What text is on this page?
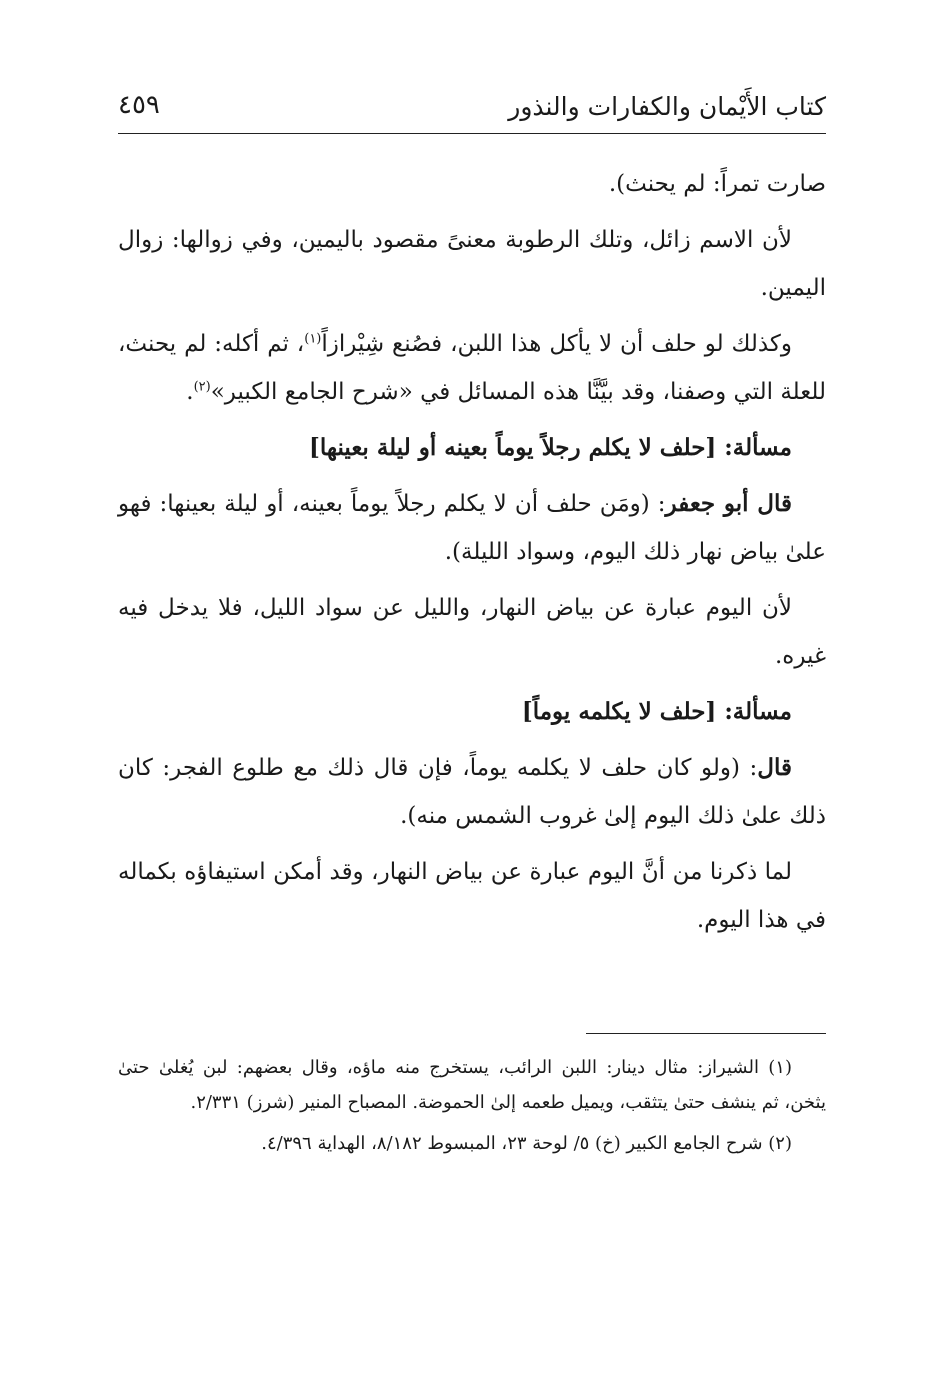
كتاب الأَيْمان والكفارات والنذور
٤٥٩

صارت تمراً: لم يحنث).

لأن الاسم زائل، وتلك الرطوبة معنىً مقصود باليمين، وفي زوالها: زوال اليمين.

وكذلك لو حلف أن لا يأكل هذا اللبن، فصُنع شِيْرازاً$^{(١)}$، ثم أكله: لم يحنث، للعلة التي وصفنا، وقد بيَّنَّا هذه المسائل في «شرح الجامع الكبير»$^{(٢)}$.

مسألة: [حلف لا يكلم رجلاً يوماً بعينه أو ليلة بعينها]

قال أبو جعفر: (ومَن حلف أن لا يكلم رجلاً يوماً بعينه، أو ليلة بعينها: فهو علىٰ بياض نهار ذلك اليوم، وسواد الليلة).

لأن اليوم عبارة عن بياض النهار، والليل عن سواد الليل، فلا يدخل فيه غيره.

مسألة: [حلف لا يكلمه يوماً]

قال: (ولو كان حلف لا يكلمه يوماً، فإن قال ذلك مع طلوع الفجر: كان ذلك علىٰ ذلك اليوم إلىٰ غروب الشمس منه).

لما ذكرنا من أنَّ اليوم عبارة عن بياض النهار، وقد أمكن استيفاؤه بكماله في هذا اليوم.

(١) الشيراز: مثال دينار: اللبن الرائب، يستخرج منه ماؤه، وقال بعضهم: لبن يُغلىٰ حتىٰ يثخن، ثم ينشف حتىٰ يتثقب، ويميل طعمه إلىٰ الحموضة. المصباح المنير (شرز) ٢/٣٣١.

(٢) شرح الجامع الكبير (خ) ٥/ لوحة ٢٣، المبسوط ٨/١٨٢، الهداية ٤/٣٩٦.
